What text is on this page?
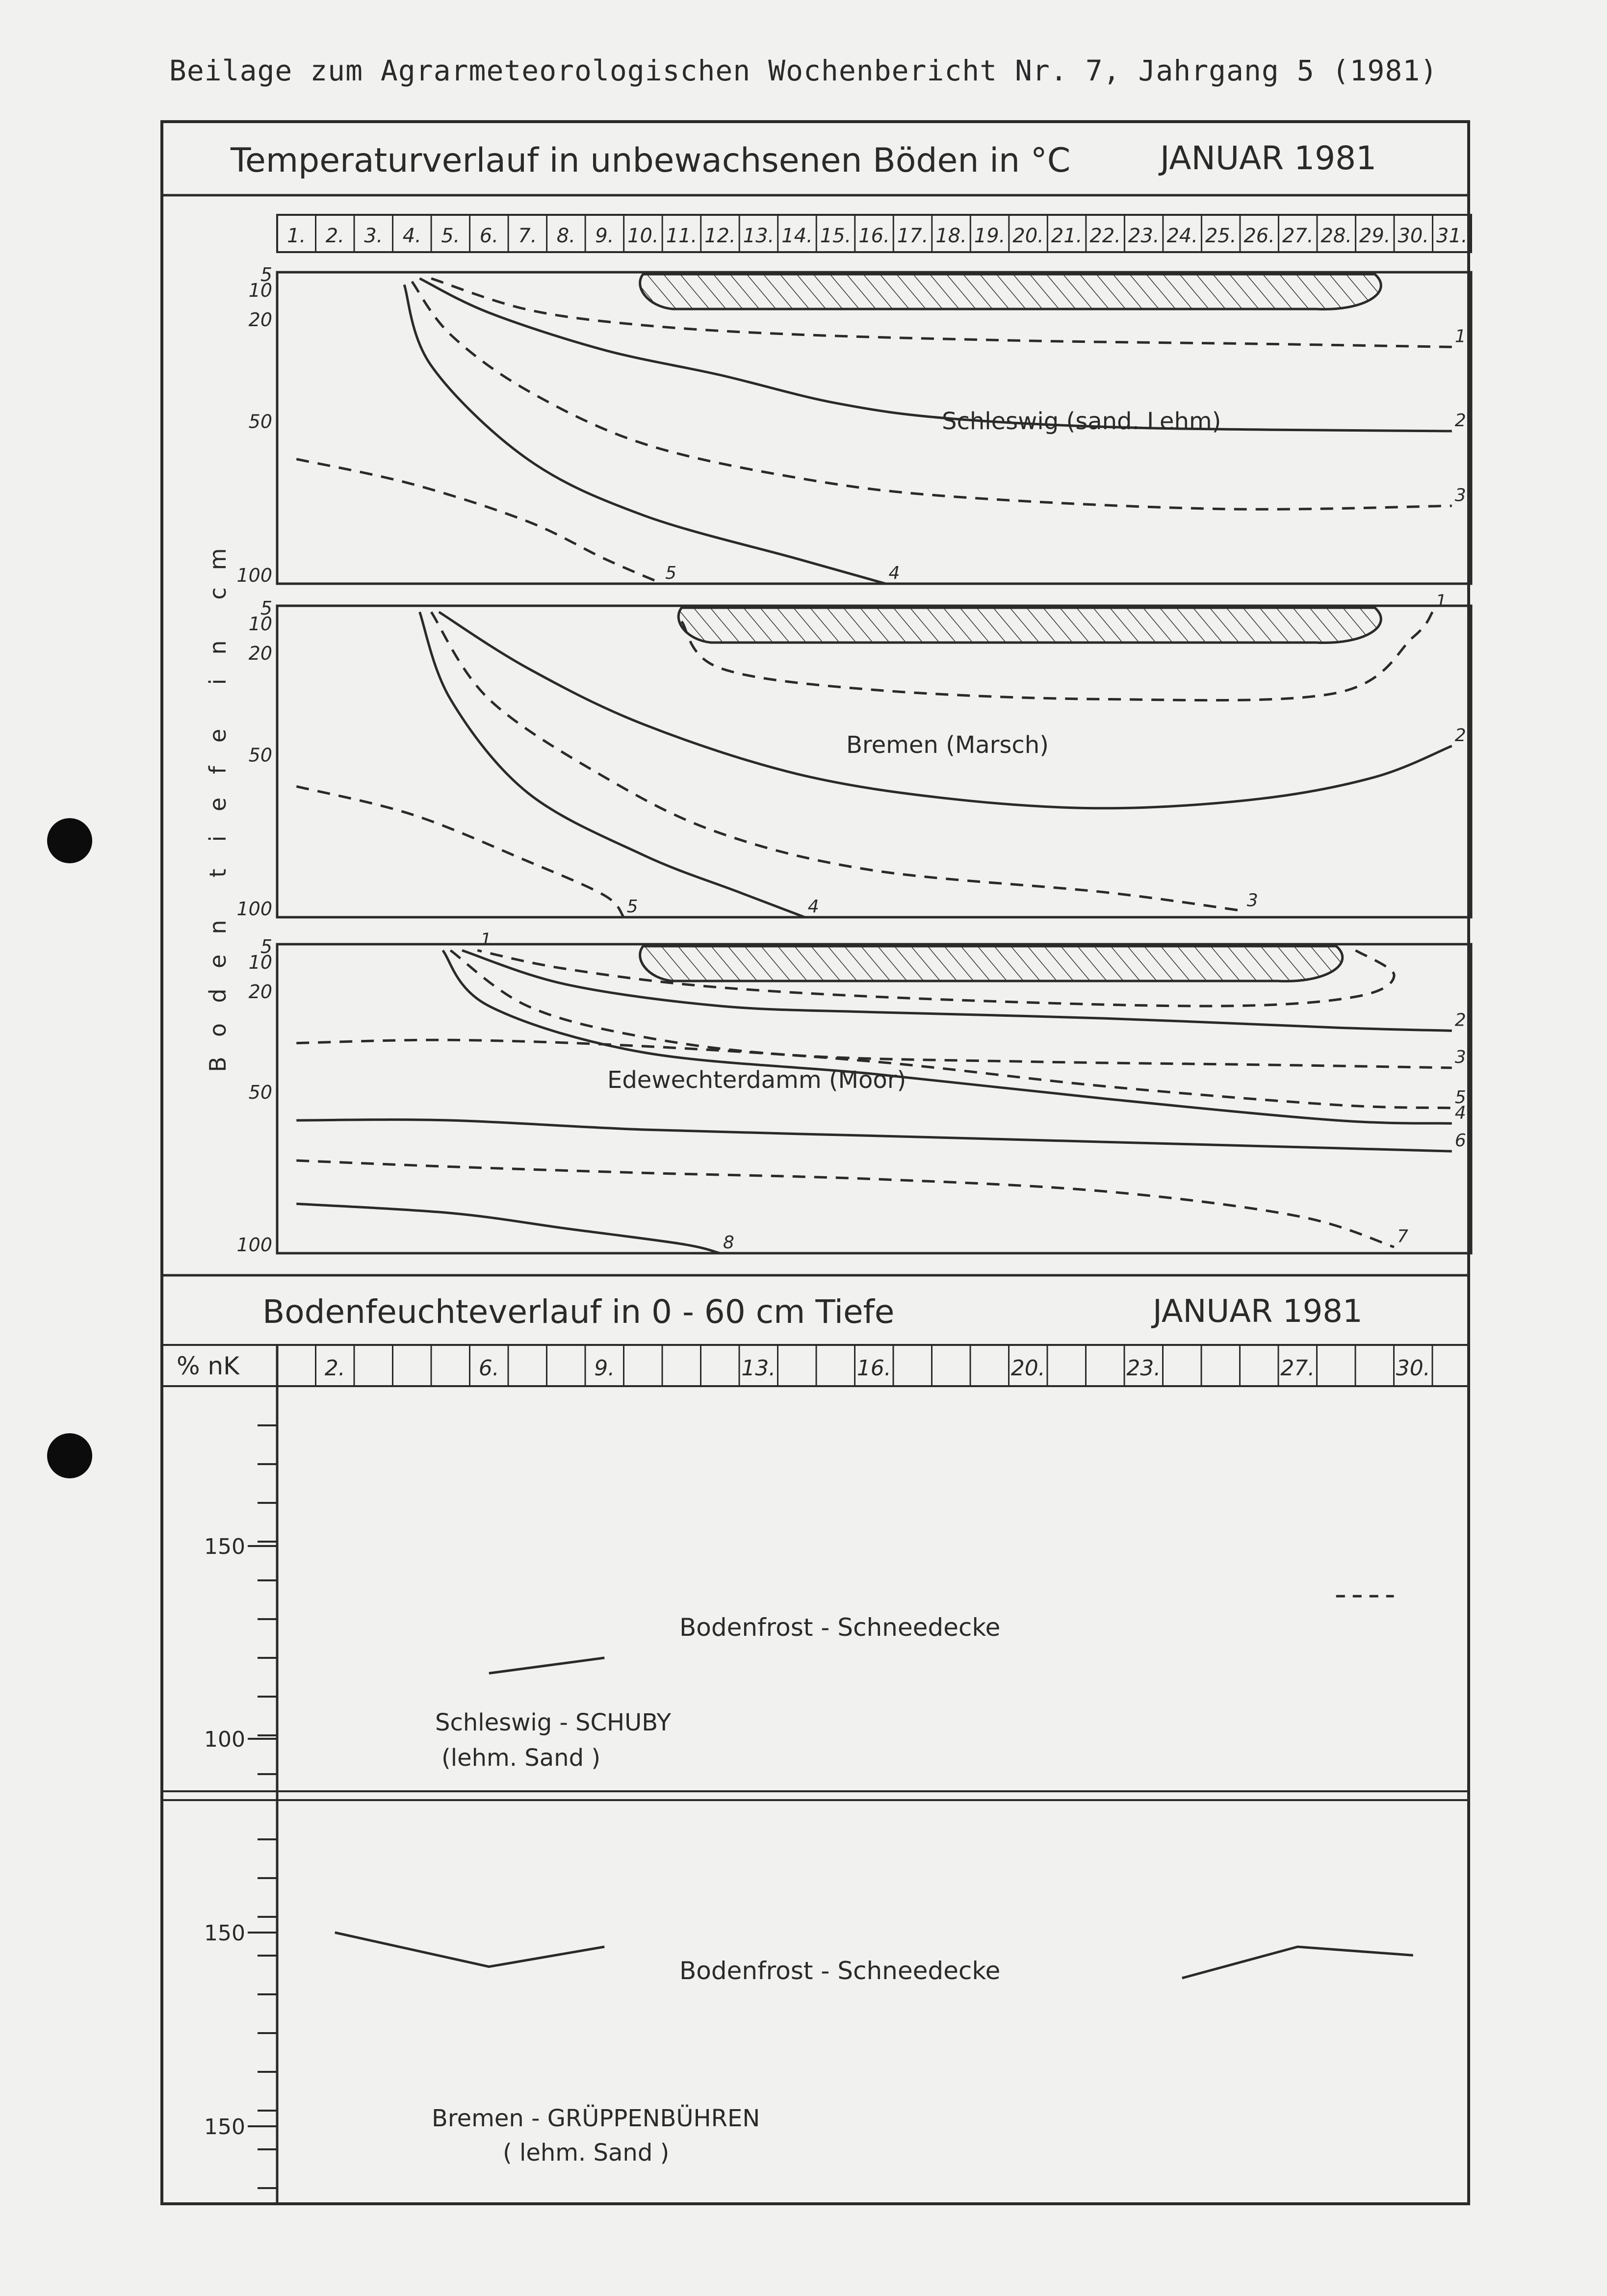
Beilage zum Agrarmeteorologischen Wochenbericht Nr. 7, Jahrgang 5 (1981)
Temperaturverlauf in unbewachsenen Böden in °C	JANUAR 1981
1. 2. 3. 4. 5. 6. 7. 8. 9. 10. 11. 12. 13. 14. 15. 16. 17. 18. 19. 20. 21. 22. 23. 24. 25. 26. 27. 28. 29. 30. 31.
B
o
d
e
n
t
i
e
f
e
i
n
c
m
5
10
20
50
100
1
2
3
4
5
Schleswig (sand. Lehm)
5
10
20
50
100
1
2
3
4
5
Bremen (Marsch)
5
10
20
50
100
1
2
3
4
5
6
7
8
Edewechterdamm (Moor)
Bodenfeuchteverlauf in 0 - 60 cm Tiefe	JANUAR 1981
% nK	2.	6.	9.	13.	16.	20.	23.	27.	30.
150
100
150
150
Bodenfrost - Schneedecke
Schleswig - SCHUBY
(lehm. Sand )
Bodenfrost - Schneedecke
Bremen - GRÜPPENBÜHREN
( lehm. Sand )
